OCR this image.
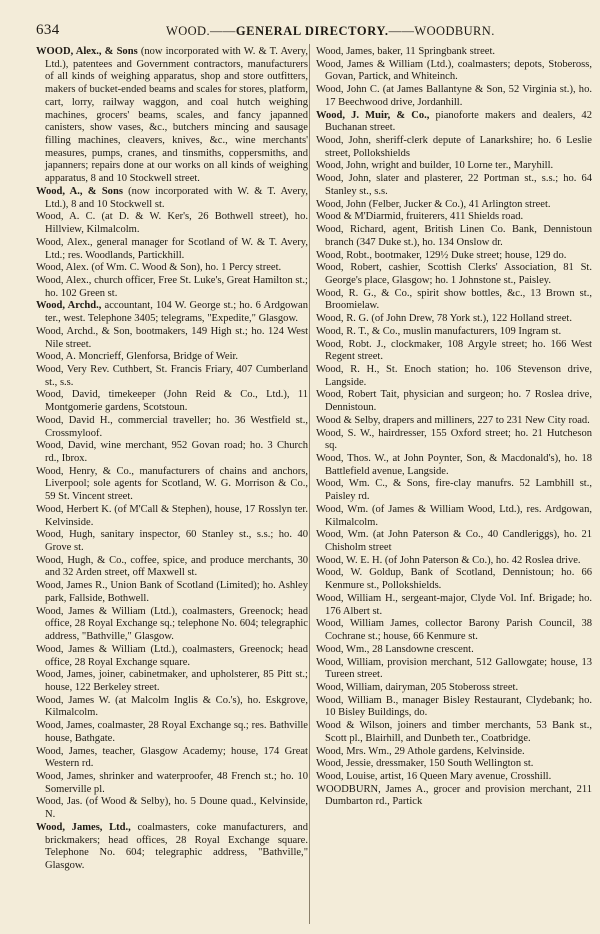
634	WOOD.——GENERAL DIRECTORY.——WOODBURN.

WOOD, Alex., & Sons (now incorporated with W. & T. Avery, Ltd.), patentees and Government contractors, manufacturers of all kinds of weighing apparatus, shop and store outfitters, makers of bucket-ended beams and scales for stores, platform, cart, lorry, railway waggon, and coal hutch weighing machines, grocers' beams, scales, and fancy japanned canisters, show vases, &c., butchers mincing and sausage filling machines, cleavers, knives, &c., wine merchants' measures, pumps, cranes, and tinsmiths, coppersmiths, and japanners; repairs done at our works on all kinds of weighing apparatus, 8 and 10 Stockwell street.

Wood, A., & Sons (now incorporated with W. & T. Avery, Ltd.), 8 and 10 Stockwell st.

Wood, A. C. (at D. & W. Ker's, 26 Bothwell street), ho. Hillview, Kilmalcolm.

Wood, Alex., general manager for Scotland of W. & T. Avery, Ltd.; res. Woodlands, Partickhill.

Wood, Alex. (of Wm. C. Wood & Son), ho. 1 Percy street.

Wood, Alex., church officer, Free St. Luke's, Great Hamilton st.; ho. 102 Green st.

Wood, Archd., accountant, 104 W. George st.; ho. 6 Ardgowan ter., west. Telephone 3405; telegrams, "Expedite," Glasgow.

Wood, Archd., & Son, bootmakers, 149 High st.; ho. 124 West Nile street.

Wood, A. Moncrieff, Glenforsa, Bridge of Weir.

Wood, Very Rev. Cuthbert, St. Francis Friary, 407 Cumberland st., s.s.

Wood, David, timekeeper (John Reid & Co., Ltd.), 11 Montgomerie gardens, Scotstoun.

Wood, David H., commercial traveller; ho. 36 Westfield st., Crossmyloof.

Wood, David, wine merchant, 952 Govan road; ho. 3 Church rd., Ibrox.

Wood, Henry, & Co., manufacturers of chains and anchors, Liverpool; sole agents for Scotland, W. G. Morrison & Co., 59 St. Vincent street.

Wood, Herbert K. (of M'Call & Stephen), house, 17 Rosslyn ter. Kelvinside.

Wood, Hugh, sanitary inspector, 60 Stanley st., s.s.; ho. 40 Grove st.

Wood, Hugh, & Co., coffee, spice, and produce merchants, 30 and 32 Arden street, off Maxwell st.

Wood, James R., Union Bank of Scotland (Limited); ho. Ashley park, Fallside, Bothwell.

Wood, James & William (Ltd.), coalmasters, Greenock; head office, 28 Royal Exchange sq.; telephone No. 604; telegraphic address, "Bathville," Glasgow.

Wood, James & William (Ltd.), coalmasters, Greenock; head office, 28 Royal Exchange square.

Wood, James, joiner, cabinetmaker, and upholsterer, 85 Pitt st.; house, 122 Berkeley street.

Wood, James W. (at Malcolm Inglis & Co.'s), ho. Eskgrove, Kilmalcolm.

Wood, James, coalmaster, 28 Royal Exchange sq.; res. Bathville house, Bathgate.

Wood, James, teacher, Glasgow Academy; house, 174 Great Western rd.

Wood, James, shrinker and waterproofer, 48 French st.; ho. 10 Somerville pl.

Wood, Jas. (of Wood & Selby), ho. 5 Doune quad., Kelvinside, N.

Wood, James, Ltd., coalmasters, coke manufacturers, and brickmakers; head offices, 28 Royal Exchange square. Telephone No. 604; telegraphic address, "Bathville," Glasgow.

Wood, James, baker, 11 Springbank street.

Wood, James & William (Ltd.), coalmasters; depots, Stobeross, Govan, Partick, and Whiteinch.

Wood, John C. (at James Ballantyne & Son, 52 Virginia st.), ho. 17 Beechwood drive, Jordanhill.

Wood, J. Muir, & Co., pianoforte makers and dealers, 42 Buchanan street.

Wood, John, sheriff-clerk depute of Lanarkshire; ho. 6 Leslie street, Pollokshields

Wood, John, wright and builder, 10 Lorne ter., Maryhill.

Wood, John, slater and plasterer, 22 Portman st., s.s.; ho. 64 Stanley st., s.s.

Wood, John (Felber, Jucker & Co.), 41 Arlington street.

Wood & M'Diarmid, fruiterers, 411 Shields road.

Wood, Richard, agent, British Linen Co. Bank, Dennistoun branch (347 Duke st.), ho. 134 Onslow dr.

Wood, Robt., bootmaker, 129½ Duke street; house, 129 do.

Wood, Robert, cashier, Scottish Clerks' Association, 81 St. George's place, Glasgow; ho. 1 Johnstone st., Paisley.

Wood, R. G., & Co., spirit show bottles, &c., 13 Brown st., Broomielaw.

Wood, R. G. (of John Drew, 78 York st.), 122 Holland street.

Wood, R. T., & Co., muslin manufacturers, 109 Ingram st.

Wood, Robt. J., clockmaker, 108 Argyle street; ho. 166 West Regent street.

Wood, R. H., St. Enoch station; ho. 106 Stevenson drive, Langside.

Wood, Robert Tait, physician and surgeon; ho. 7 Roslea drive, Dennistoun.

Wood & Selby, drapers and milliners, 227 to 231 New City road.

Wood, S. W., hairdresser, 155 Oxford street; ho. 21 Hutcheson sq.

Wood, Thos. W., at John Poynter, Son, & Macdonald's), ho. 18 Battlefield avenue, Langside.

Wood, Wm. C., & Sons, fire-clay manufrs. 52 Lambhill st., Paisley rd.

Wood, Wm. (of James & William Wood, Ltd.), res. Ardgowan, Kilmalcolm.

Wood, Wm. (at John Paterson & Co., 40 Candleriggs), ho. 21 Chisholm street

Wood, W. E. H. (of John Paterson & Co.), ho. 42 Roslea drive.

Wood, W. Goldup, Bank of Scotland, Dennistoun; ho. 66 Kenmure st., Pollokshields.

Wood, William H., sergeant-major, Clyde Vol. Inf. Brigade; ho. 176 Albert st.

Wood, William James, collector Barony Parish Council, 38 Cochrane st.; house, 66 Kenmure st.

Wood, Wm., 28 Lansdowne crescent.

Wood, William, provision merchant, 512 Gallowgate; house, 13 Tureen street.

Wood, William, dairyman, 205 Stobeross street.

Wood, William B., manager Bisley Restaurant, Clydebank; ho. 10 Bisley Buildings, do.

Wood & Wilson, joiners and timber merchants, 53 Bank st., Scott pl., Blairhill, and Dunbeth ter., Coatbridge.

Wood, Mrs. Wm., 29 Athole gardens, Kelvinside.

Wood, Jessie, dressmaker, 150 South Wellington st.

Wood, Louise, artist, 16 Queen Mary avenue, Crosshill.

WOODBURN, James A., grocer and provision merchant, 211 Dumbarton rd., Partick
